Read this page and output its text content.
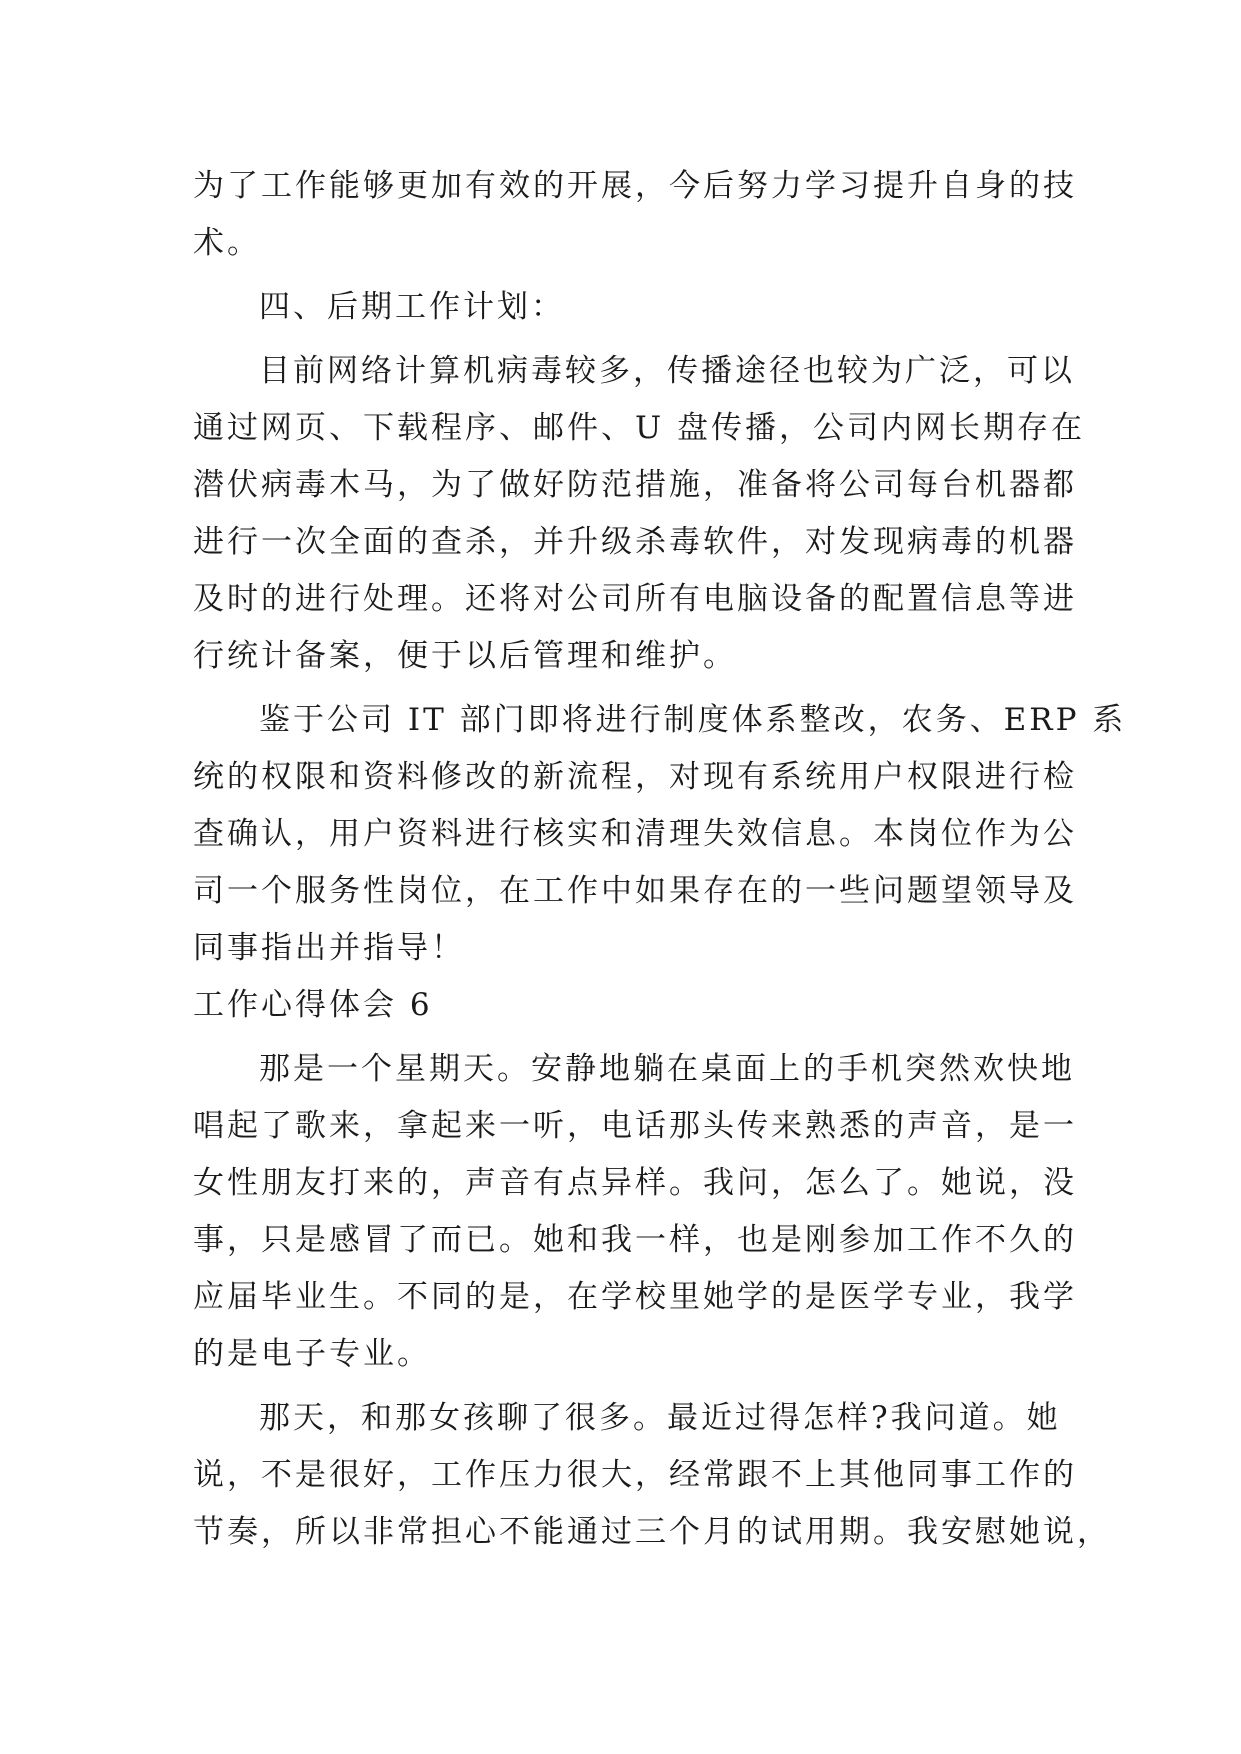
为了工作能够更加有效的开展，今后努力学习提升自身的技
术。
四、后期工作计划：
目前网络计算机病毒较多，传播途径也较为广泛，可以
通过网页、下载程序、邮件、U 盘传播，公司内网长期存在
潜伏病毒木马，为了做好防范措施，准备将公司每台机器都
进行一次全面的查杀，并升级杀毒软件，对发现病毒的机器
及时的进行处理。还将对公司所有电脑设备的配置信息等进
行统计备案，便于以后管理和维护。
鉴于公司 IT 部门即将进行制度体系整改，农务、ERP 系
统的权限和资料修改的新流程，对现有系统用户权限进行检
查确认，用户资料进行核实和清理失效信息。本岗位作为公
司一个服务性岗位，在工作中如果存在的一些问题望领导及
同事指出并指导！
工作心得体会 6
那是一个星期天。安静地躺在桌面上的手机突然欢快地
唱起了歌来，拿起来一听，电话那头传来熟悉的声音，是一
女性朋友打来的，声音有点异样。我问，怎么了。她说，没
事，只是感冒了而已。她和我一样，也是刚参加工作不久的
应届毕业生。不同的是，在学校里她学的是医学专业，我学
的是电子专业。
那天，和那女孩聊了很多。最近过得怎样?我问道。她
说，不是很好，工作压力很大，经常跟不上其他同事工作的
节奏，所以非常担心不能通过三个月的试用期。我安慰她说，
